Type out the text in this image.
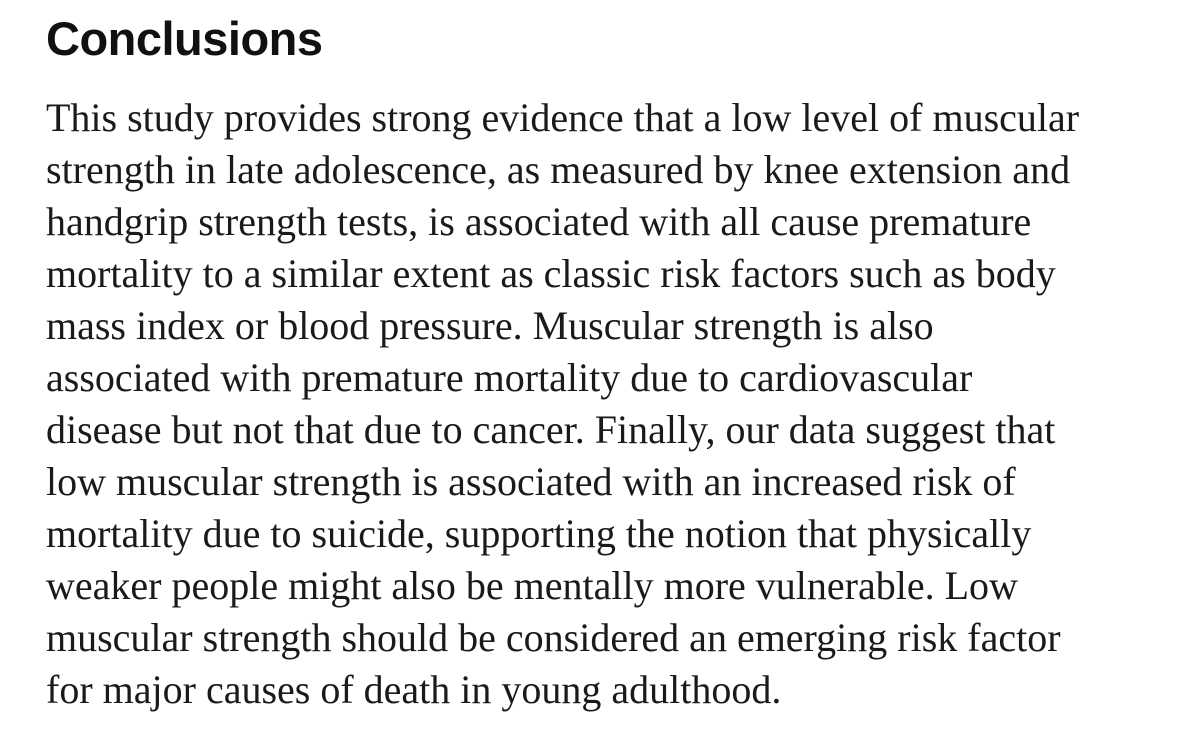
Conclusions

This study provides strong evidence that a low level of muscular
strength in late adolescence, as measured by knee extension and
handgrip strength tests, is associated with all cause premature
mortality to a similar extent as classic risk factors such as body
mass index or blood pressure. Muscular strength is also
associated with premature mortality due to cardiovascular
disease but not that due to cancer. Finally, our data suggest that
low muscular strength is associated with an increased risk of
mortality due to suicide, supporting the notion that physically
weaker people might also be mentally more vulnerable. Low
muscular strength should be considered an emerging risk factor
for major causes of death in young adulthood.
